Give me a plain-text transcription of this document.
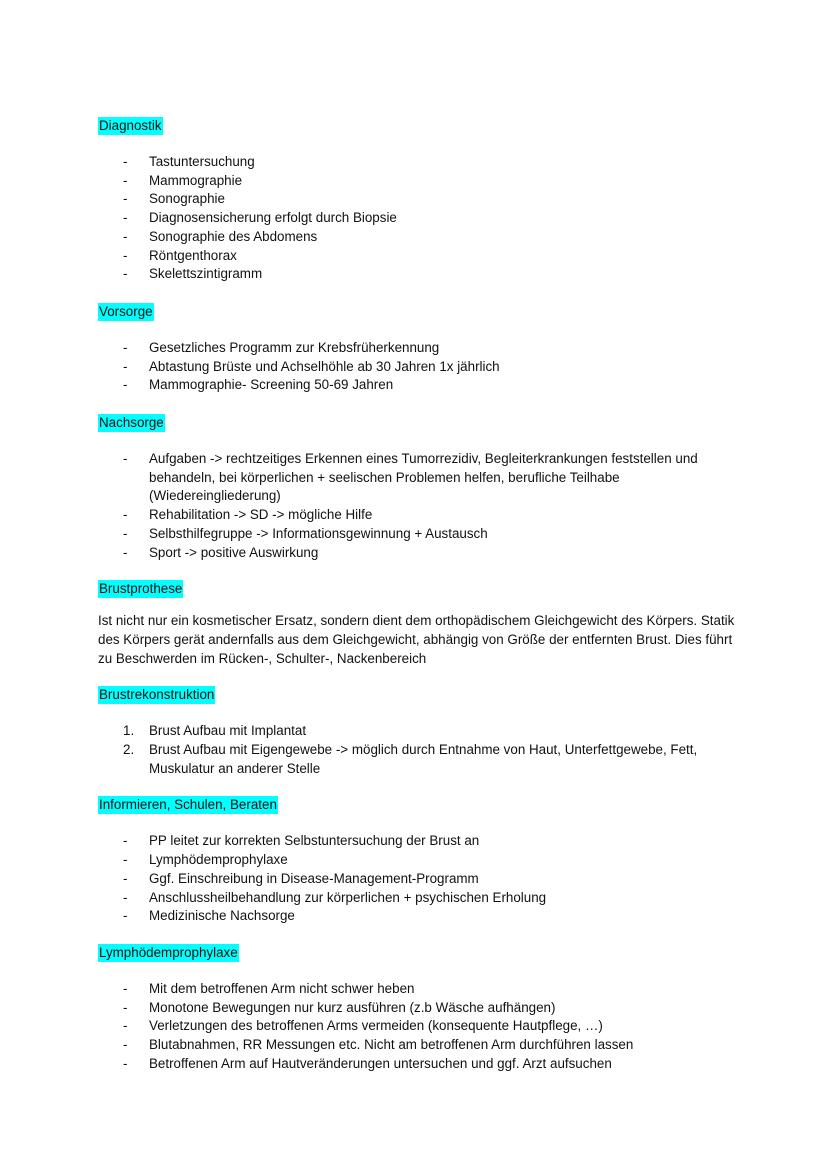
Diagnostik
- Tastuntersuchung
- Mammographie
- Sonographie
- Diagnosensicherung erfolgt durch Biopsie
- Sonographie des Abdomens
- Röntgenthorax
- Skelettszintigramm
Vorsorge
- Gesetzliches Programm zur Krebsfrüherkennung
- Abtastung Brüste und Achselhöhle ab 30 Jahren 1x jährlich
- Mammographie- Screening 50-69 Jahren
Nachsorge
- Aufgaben -> rechtzeitiges Erkennen eines Tumorrezidiv, Begleiterkrankungen feststellen und behandeln, bei körperlichen + seelischen Problemen helfen, berufliche Teilhabe (Wiedereingliederung)
- Rehabilitation -> SD -> mögliche Hilfe
- Selbsthilfegruppe -> Informationsgewinnung + Austausch
- Sport -> positive Auswirkung
Brustprothese

Ist nicht nur ein kosmetischer Ersatz, sondern dient dem orthopädischem Gleichgewicht des Körpers. Statik des Körpers gerät andernfalls aus dem Gleichgewicht, abhängig von Größe der entfernten Brust. Dies führt zu Beschwerden im Rücken-, Schulter-, Nackenbereich

Brustrekonstruktion
1. Brust Aufbau mit Implantat
2. Brust Aufbau mit Eigengewebe -> möglich durch Entnahme von Haut, Unterfettgewebe, Fett, Muskulatur an anderer Stelle
Informieren, Schulen, Beraten
- PP leitet zur korrekten Selbstuntersuchung der Brust an
- Lymphödemprophylaxe
- Ggf. Einschreibung in Disease-Management-Programm
- Anschlussheilbehandlung zur körperlichen + psychischen Erholung
- Medizinische Nachsorge
Lymphödemprophylaxe
- Mit dem betroffenen Arm nicht schwer heben
- Monotone Bewegungen nur kurz ausführen (z.b Wäsche aufhängen)
- Verletzungen des betroffenen Arms vermeiden (konsequente Hautpflege, …)
- Blutabnahmen, RR Messungen etc. Nicht am betroffenen Arm durchführen lassen
- Betroffenen Arm auf Hautveränderungen untersuchen und ggf. Arzt aufsuchen
